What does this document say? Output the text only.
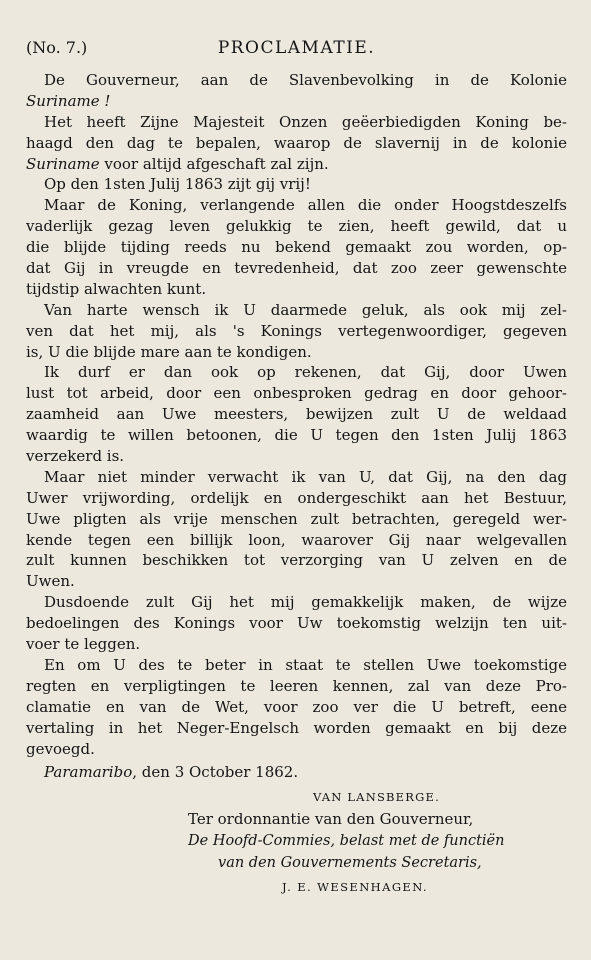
PROCLAMATIE.
(No. 7.)
De Gouverneur, aan de Slavenbevolking in de Kolonie
Suriname !
Het heeft Zijne Majesteit Onzen geëerbiedigden Koning be-
haagd den dag te bepalen, waarop de slavernij in de kolonie
Suriname voor altijd afgeschaft zal zijn.
Op den 1sten Julij 1863 zijt gij vrij!
Maar de Koning, verlangende allen die onder Hoogstdeszelfs
vaderlijk gezag leven gelukkig te zien, heeft gewild, dat u
die blijde tijding reeds nu bekend gemaakt zou worden, op-
dat Gij in vreugde en tevredenheid, dat zoo zeer gewenschte
tijdstip alwachten kunt.
Van harte wensch ik U daarmede geluk, als ook mij zel-
ven dat het mij, als 's Konings vertegenwoordiger, gegeven
is, U die blijde mare aan te kondigen.
Ik durf er dan ook op rekenen, dat Gij, door Uwen
lust tot arbeid, door een onbesproken gedrag en door gehoor-
zaamheid aan Uwe meesters, bewijzen zult U de weldaad
waardig te willen betoonen, die U tegen den 1sten Julij 1863
verzekerd is.
Maar niet minder verwacht ik van U, dat Gij, na den dag
Uwer vrijwording, ordelijk en ondergeschikt aan het Bestuur,
Uwe pligten als vrije menschen zult betrachten, geregeld wer-
kende tegen een billijk loon, waarover Gij naar welgevallen
zult kunnen beschikken tot verzorging van U zelven en de
Uwen.
Dusdoende zult Gij het mij gemakkelijk maken, de wijze
bedoelingen des Konings voor Uw toekomstig welzijn ten uit-
voer te leggen.
En om U des te beter in staat te stellen Uwe toekomstige
regten en verpligtingen te leeren kennen, zal van deze Pro-
clamatie en van de Wet, voor zoo ver die U betreft, eene
vertaling in het Neger-Engelsch worden gemaakt en bij deze
gevoegd.
Paramaribo, den 3 October 1862.
VAN LANSBERGE.
Ter ordonnantie van den Gouverneur,
De Hoofd-Commies, belast met de functiën
van den Gouvernements Secretaris,
J. E. WESENHAGEN.
